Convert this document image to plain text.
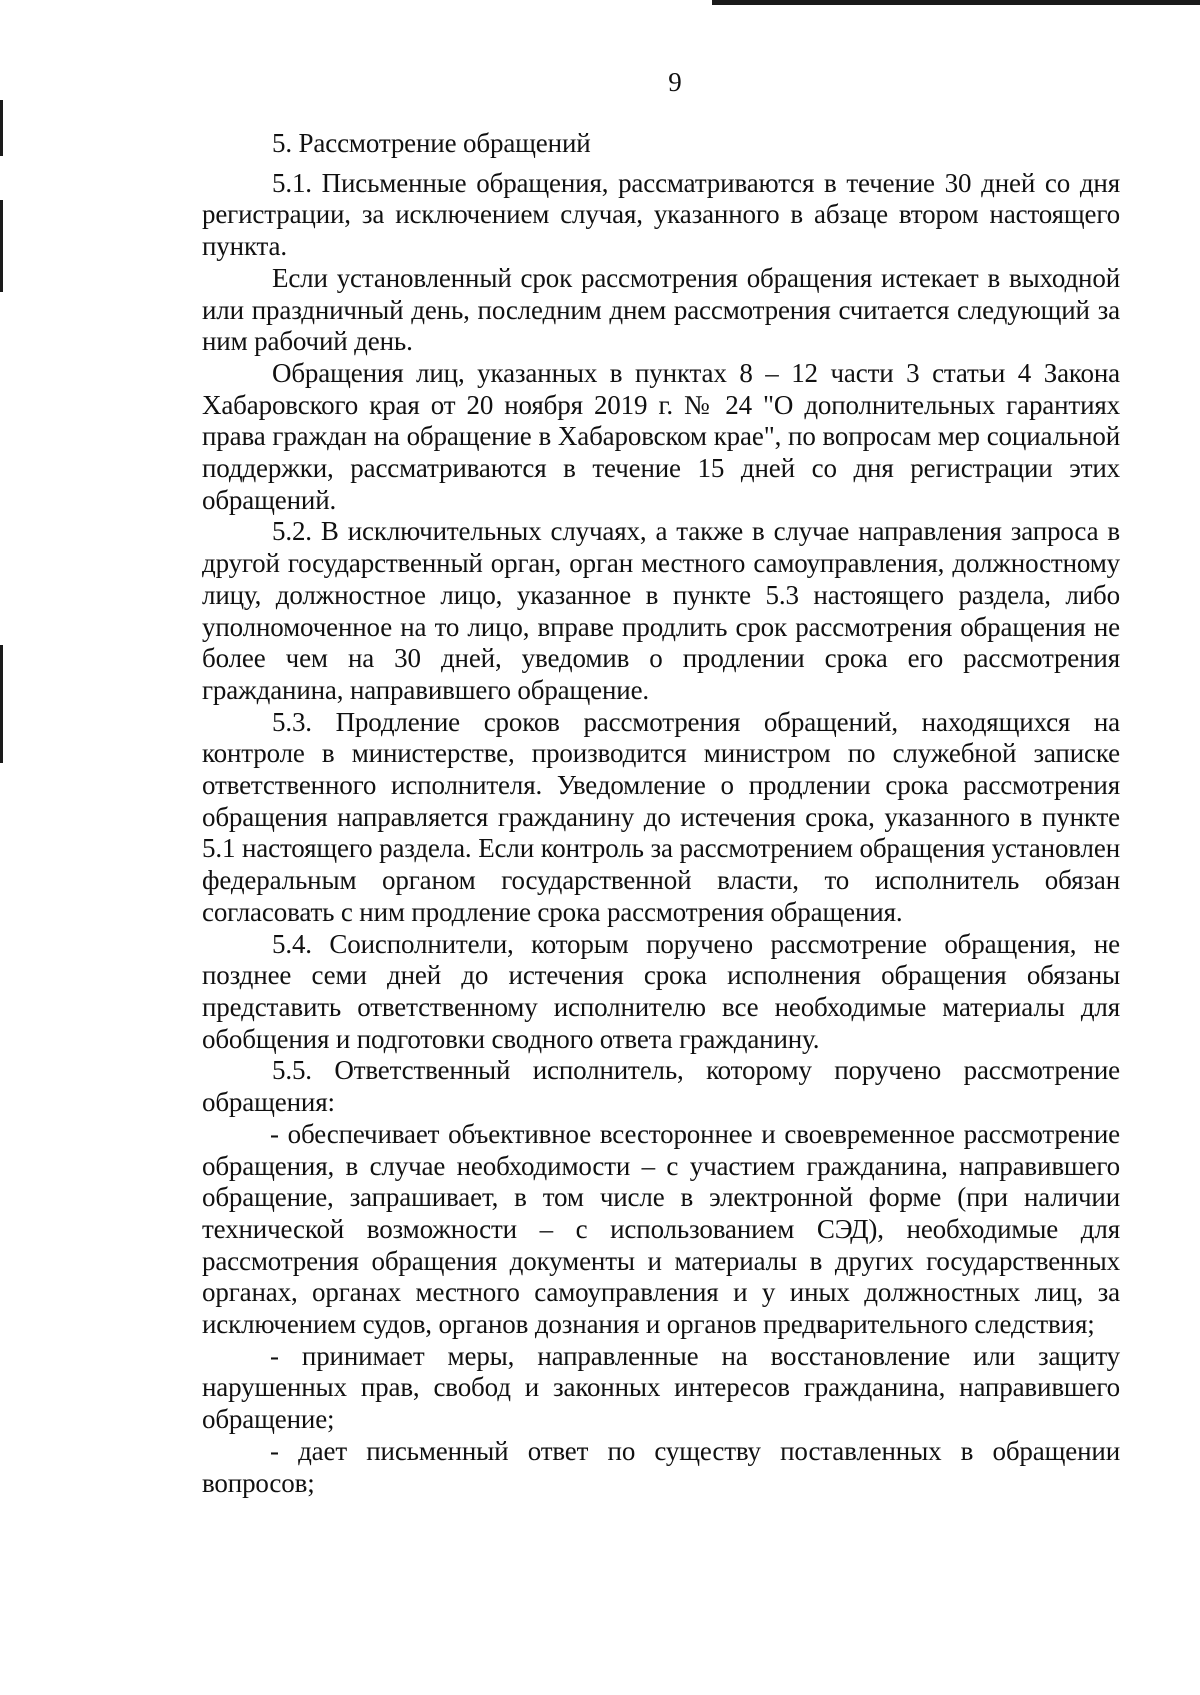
9

5. Рассмотрение обращений

5.1. Письменные обращения, рассматриваются в течение 30 дней со дня регистрации, за исключением случая, указанного в абзаце втором настоящего пункта.

Если установленный срок рассмотрения обращения истекает в выходной или праздничный день, последним днем рассмотрения считается следующий за ним рабочий день.

Обращения лиц, указанных в пунктах 8 – 12 части 3 статьи 4 Закона Хабаровского края от 20 ноября 2019 г. № 24 "О дополнительных гарантиях права граждан на обращение в Хабаровском крае", по вопросам мер социальной поддержки, рассматриваются в течение 15 дней со дня регистрации этих обращений.

5.2. В исключительных случаях, а также в случае направления запроса в другой государственный орган, орган местного самоуправления, должностному лицу, должностное лицо, указанное в пункте 5.3 настоящего раздела, либо уполномоченное на то лицо, вправе продлить срок рассмотрения обращения не более чем на 30 дней, уведомив о продлении срока его рассмотрения гражданина, направившего обращение.

5.3. Продление сроков рассмотрения обращений, находящихся на контроле в министерстве, производится министром по служебной записке ответственного исполнителя. Уведомление о продлении срока рассмотрения обращения направляется гражданину до истечения срока, указанного в пункте 5.1 настоящего раздела. Если контроль за рассмотрением обращения установлен федеральным органом государственной власти, то исполнитель обязан согласовать с ним продление срока рассмотрения обращения.

5.4. Соисполнители, которым поручено рассмотрение обращения, не позднее семи дней до истечения срока исполнения обращения обязаны представить ответственному исполнителю все необходимые материалы для обобщения и подготовки сводного ответа гражданину.

5.5. Ответственный исполнитель, которому поручено рассмотрение обращения:

- обеспечивает объективное всестороннее и своевременное рассмотрение обращения, в случае необходимости – с участием гражданина, направившего обращение, запрашивает, в том числе в электронной форме (при наличии технической возможности – с использованием СЭД), необходимые для рассмотрения обращения документы и материалы в других государственных органах, органах местного самоуправления и у иных должностных лиц, за исключением судов, органов дознания и органов предварительного следствия;

- принимает меры, направленные на восстановление или защиту нарушенных прав, свобод и законных интересов гражданина, направившего обращение;

- дает письменный ответ по существу поставленных в обращении вопросов;
